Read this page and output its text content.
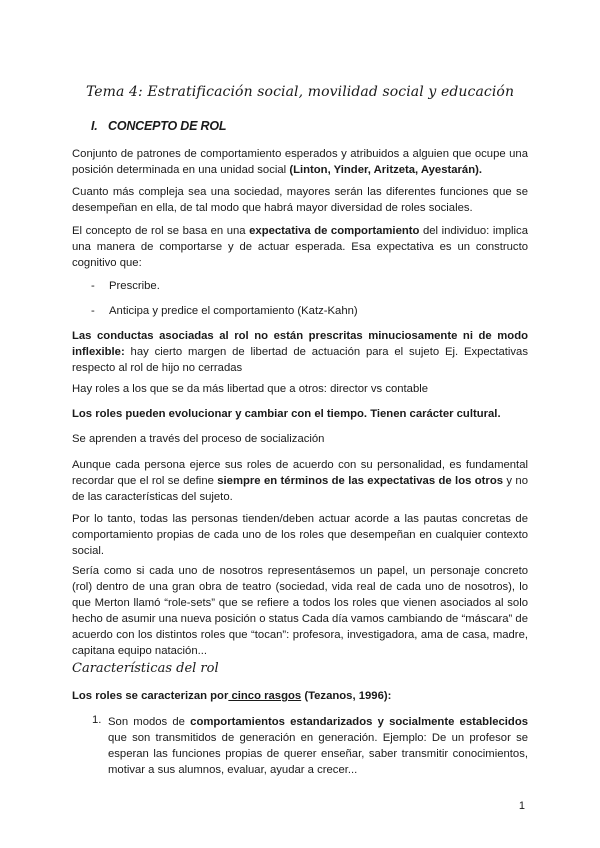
Tema 4: Estratificación social, movilidad social y educación
I. CONCEPTO DE ROL

Conjunto de patrones de comportamiento esperados y atribuidos a alguien que ocupe una posición determinada en una unidad social (Linton, Yinder, Aritzeta, Ayestarán).

Cuanto más compleja sea una sociedad, mayores serán las diferentes funciones que se desempeñan en ella, de tal modo que habrá mayor diversidad de roles sociales.

El concepto de rol se basa en una expectativa de comportamiento del individuo: implica una manera de comportarse y de actuar esperada. Esa expectativa es un constructo cognitivo que:

- Prescribe.
- Anticipa y predice el comportamiento (Katz-Kahn)

Las conductas asociadas al rol no están prescritas minuciosamente ni de modo inflexible: hay cierto margen de libertad de actuación para el sujeto Ej. Expectativas respecto al rol de hijo no cerradas

Hay roles a los que se da más libertad que a otros: director vs contable

Los roles pueden evolucionar y cambiar con el tiempo. Tienen carácter cultural.

Se aprenden a través del proceso de socialización

Aunque cada persona ejerce sus roles de acuerdo con su personalidad, es fundamental recordar que el rol se define siempre en términos de las expectativas de los otros y no de las características del sujeto.

Por lo tanto, todas las personas tienden/deben actuar acorde a las pautas concretas de comportamiento propias de cada uno de los roles que desempeñan en cualquier contexto social.

Sería como si cada uno de nosotros representásemos un papel, un personaje concreto (rol) dentro de una gran obra de teatro (sociedad, vida real de cada uno de nosotros), lo que Merton llamó “role-sets” que se refiere a todos los roles que vienen asociados al solo hecho de asumir una nueva posición o status Cada día vamos cambiando de “máscara” de acuerdo con los distintos roles que “tocan”: profesora, investigadora, ama de casa, madre, capitana equipo natación...

Características del rol

Los roles se caracterizan por cinco rasgos (Tezanos, 1996):

1. Son modos de comportamientos estandarizados y socialmente establecidos que son transmitidos de generación en generación. Ejemplo: De un profesor se esperan las funciones propias de querer enseñar, saber transmitir conocimientos, motivar a sus alumnos, evaluar, ayudar a crecer...

1
